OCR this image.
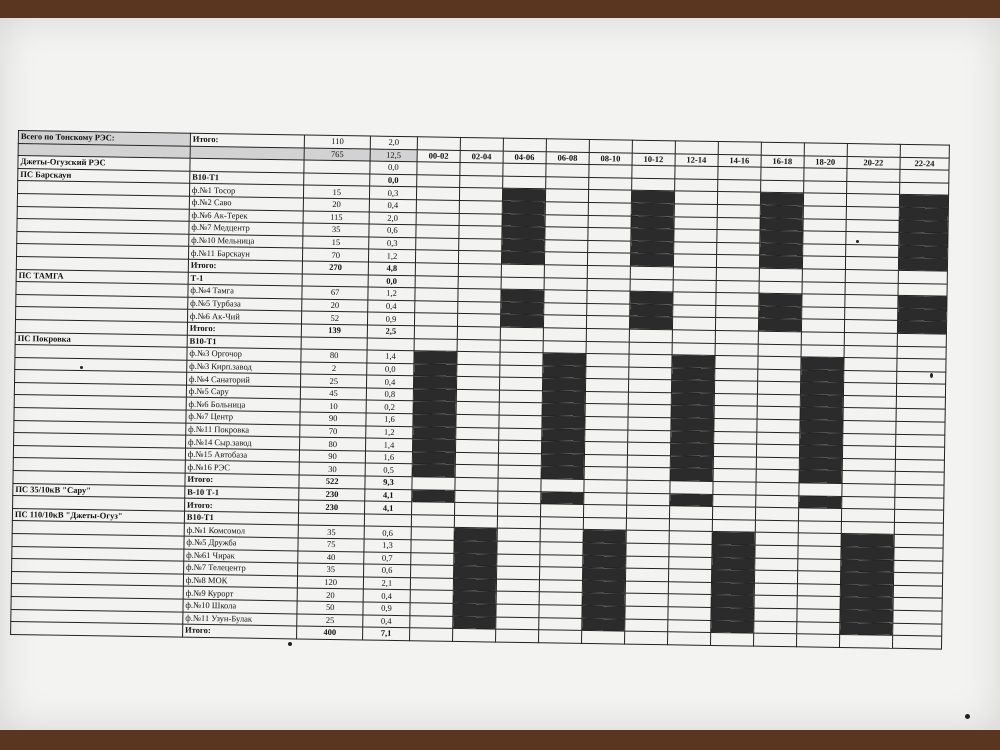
Всего по Тонскому РЭС:	Итого:	110	2,0												
		765	12,5	00-02	02-04	04-06	06-08	08-10	10-12	12-14	14-16	16-18	18-20	20-22	22-24
Джеты-Огузский РЭС			0,0												
ПС Барскаун	В10-Т1		0,0												
	ф.№1 Тосор	15	0,3												
	ф.№2 Саво	20	0,4												
	ф.№6 Ак-Терек	115	2,0												
	ф.№7 Медцентр	35	0,6												
	ф.№10 Мельница	15	0,3												
	ф.№11 Барскаун	70	1,2												
	Итого:	270	4,8												
ПС ТАМГА	Т-1		0,0												
	ф.№4 Тамга	67	1,2												
	ф.№5 Турбаза	20	0,4												
	ф.№6 Ак-Чий	52	0,9												
	Итого:	139	2,5												
ПС Покровка	В10-Т1														
	ф.№3 Оргочор	80	1,4												
	ф.№3 Кирп.завод	2	0,0												
	ф.№4 Санаторий	25	0,4												
	ф.№5 Сару	45	0,8												
	ф.№6 Больница	10	0,2												
	ф.№7 Центр	90	1,6												
	ф.№11 Покровка	70	1,2												
	ф.№14 Сыр.завод	80	1,4												
	ф.№15 Автобаза	90	1,6												
	ф.№16 РЭС	30	0,5												
	Итого:	522	9,3												
ПС 35/10кВ "Сару"	В-10 Т-1	230	4,1												
	Итого:	230	4,1												
ПС 110/10кВ "Джеты-Огуз"	В10-Т1														
	ф.№1 Комсомол	35	0,6												
	ф.№5 Дружба	75	1,3												
	ф.№61 Чирак	40	0,7												
	ф.№7 Телецентр	35	0,6												
	ф.№8 МОК	120	2,1												
	ф.№9 Курорт	20	0,4												
	ф.№10 Школа	50	0,9												
	ф.№11 Узун-Булак	25	0,4												
	Итого:	400	7,1												
